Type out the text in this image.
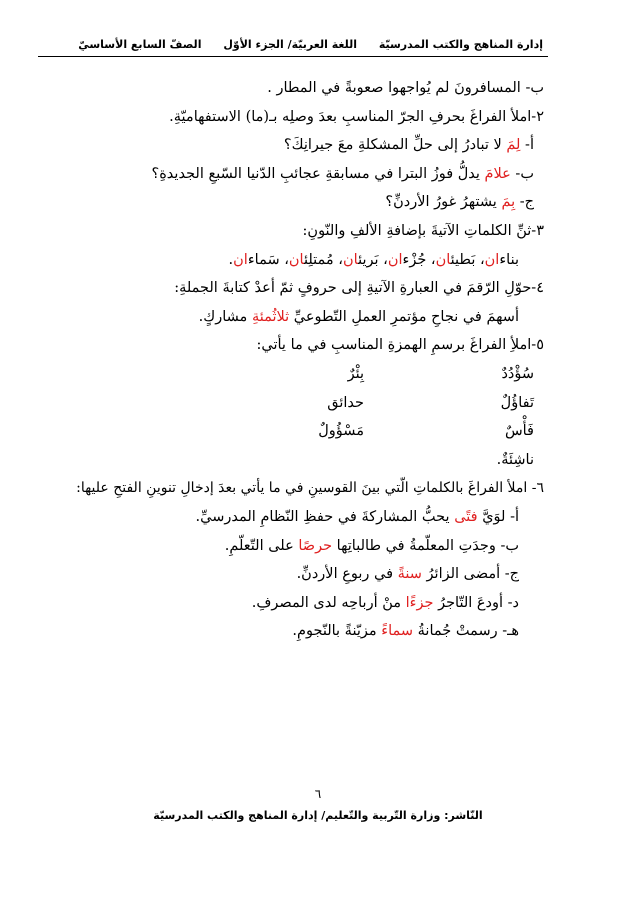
إدارة المناهج والكتب المدرسيّة اللغة العربيّة/ الجزء الأوّل الصفّ السابع الأساسيّ
ب- المسافرونَ لم يُواجهوا صعوبةً في المطار .
٢-املأ الفراغَ بحرفِ الجرّ المناسبِ بعدَ وصلِه بـ(ما) الاستفهاميّةِ.
أ- لِمَ لا تبادرُ إلى حلِّ المشكلةِ معَ جيرانِكَ؟
ب- علامَ يدلُّ فوزُ البترا في مسابقةِ عجائبِ الدّنيا السّبعِ الجديدةِ؟
ج- بِمَ يشتهرُ غورُ الأردنِّ؟
٣-ثنِّ الكلماتِ الآتيةَ بإضافةِ الألفِ والنّونِ:
بناءان، بَطيئان، جُزْءان، بَريئان، مُمتلِئان، سَماءان.
٤-حوّلِ الرّقمَ في العبارةِ الآتيةِ إلى حروفٍ ثمّ أعدْ كتابةَ الجملةِ:
أسهمَ في نجاحِ مؤتمرِ العملِ التّطوعيِّ ثلاثُمئةِ مشاركٍ.
٥-املأِ الفراغَ برسمِ الهمزةِ المناسبِ في ما يأتي:
سُؤْدُدٌ
بِئْرٌ
تَفاؤُلٌ
حدائق
فَأْسٌ
مَسْؤُولٌ
ناشِئَةٌ.
٦- املأ الفراغَ بالكلماتِ الّتي بينَ القوسينِ في ما يأتي بعدَ إدخالِ تنوينِ الفتحِ عليها:
أ- لوَيَّ فتًى يحبُّ المشاركةَ في حفظِ النّظامِ المدرسيِّ.
ب- وجدَتِ المعلّمةُ في طالباتِها حرصًا على التّعلّمِ.
ج- أمضى الزائرُ سنةً في ربوعِ الأردنِّ.
د- أودعَ التّاجرُ جزءًا منْ أرباحِه لدى المصرفِ.
هـ- رسمتْ جُمانةُ سماءً مزيّنةً بالنّجومِ.
٦
النّاشر: وزارة التّربية والتّعليم/ إدارة المناهج والكتب المدرسيّة
